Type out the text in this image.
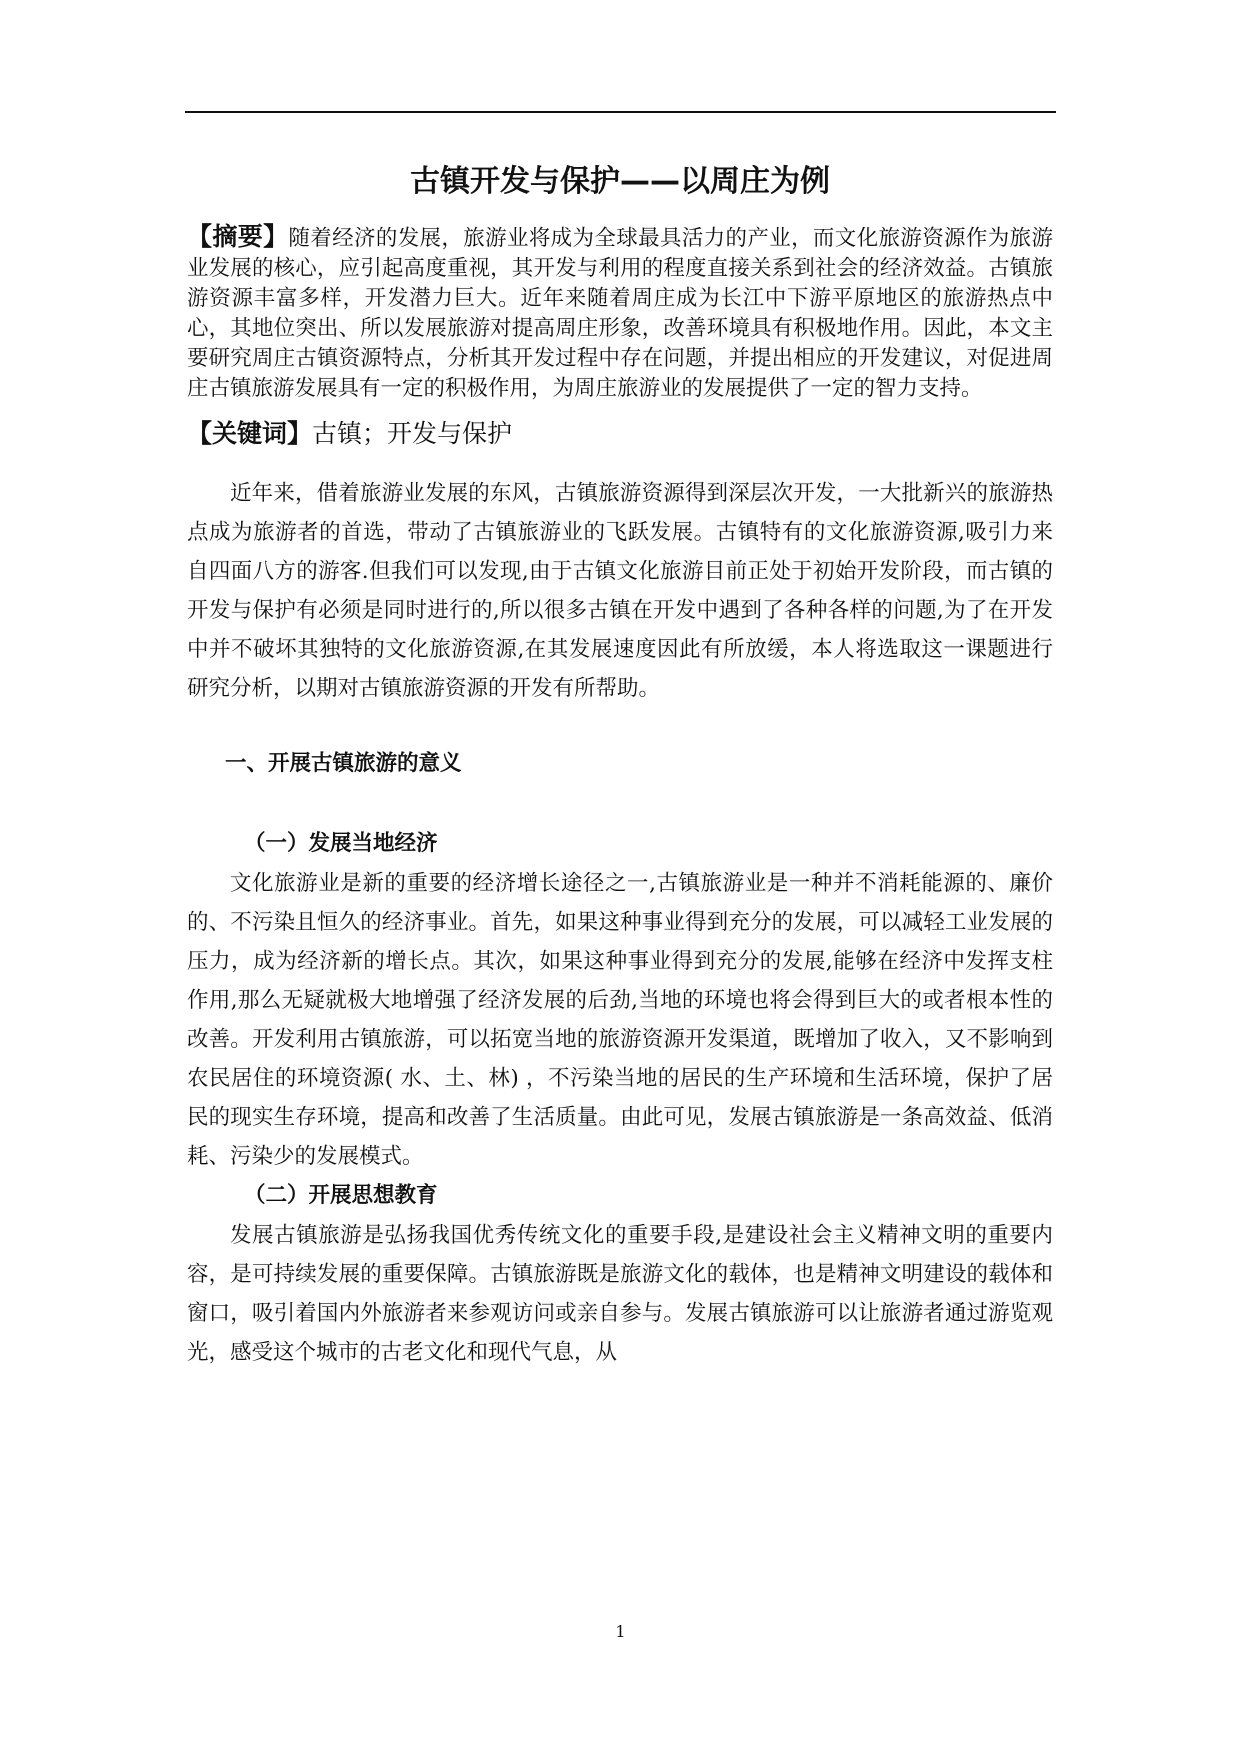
古镇开发与保护——以周庄为例

【摘要】随着经济的发展，旅游业将成为全球最具活力的产业，而文化旅游资源作为旅游业发展的核心，应引起高度重视，其开发与利用的程度直接关系到社会的经济效益。古镇旅游资源丰富多样，开发潜力巨大。近年来随着周庄成为长江中下游平原地区的旅游热点中心，其地位突出、所以发展旅游对提高周庄形象，改善环境具有积极地作用。因此，本文主要研究周庄古镇资源特点，分析其开发过程中存在问题，并提出相应的开发建议，对促进周庄古镇旅游发展具有一定的积极作用，为周庄旅游业的发展提供了一定的智力支持。

【关键词】古镇；开发与保护

近年来，借着旅游业发展的东风，古镇旅游资源得到深层次开发，一大批新兴的旅游热点成为旅游者的首选，带动了古镇旅游业的飞跃发展。古镇特有的文化旅游资源,吸引力来自四面八方的游客.但我们可以发现,由于古镇文化旅游目前正处于初始开发阶段，而古镇的开发与保护有必须是同时进行的,所以很多古镇在开发中遇到了各种各样的问题,为了在开发中并不破坏其独特的文化旅游资源,在其发展速度因此有所放缓，本人将选取这一课题进行研究分析，以期对古镇旅游资源的开发有所帮助。

一、开展古镇旅游的意义
（一）发展当地经济

文化旅游业是新的重要的经济增长途径之一,古镇旅游业是一种并不消耗能源的、廉价的、不污染且恒久的经济事业。首先，如果这种事业得到充分的发展，可以减轻工业发展的压力，成为经济新的增长点。其次，如果这种事业得到充分的发展,能够在经济中发挥支柱作用,那么无疑就极大地增强了经济发展的后劲,当地的环境也将会得到巨大的或者根本性的改善。开发利用古镇旅游，可以拓宽当地的旅游资源开发渠道，既增加了收入，又不影响到农民居住的环境资源( 水、土、林) ，不污染当地的居民的生产环境和生活环境，保护了居民的现实生存环境，提高和改善了生活质量。由此可见，发展古镇旅游是一条高效益、低消耗、污染少的发展模式。

（二）开展思想教育

发展古镇旅游是弘扬我国优秀传统文化的重要手段,是建设社会主义精神文明的重要内容，是可持续发展的重要保障。古镇旅游既是旅游文化的载体，也是精神文明建设的载体和窗口，吸引着国内外旅游者来参观访问或亲自参与。发展古镇旅游可以让旅游者通过游览观光，感受这个城市的古老文化和现代气息，从

1
